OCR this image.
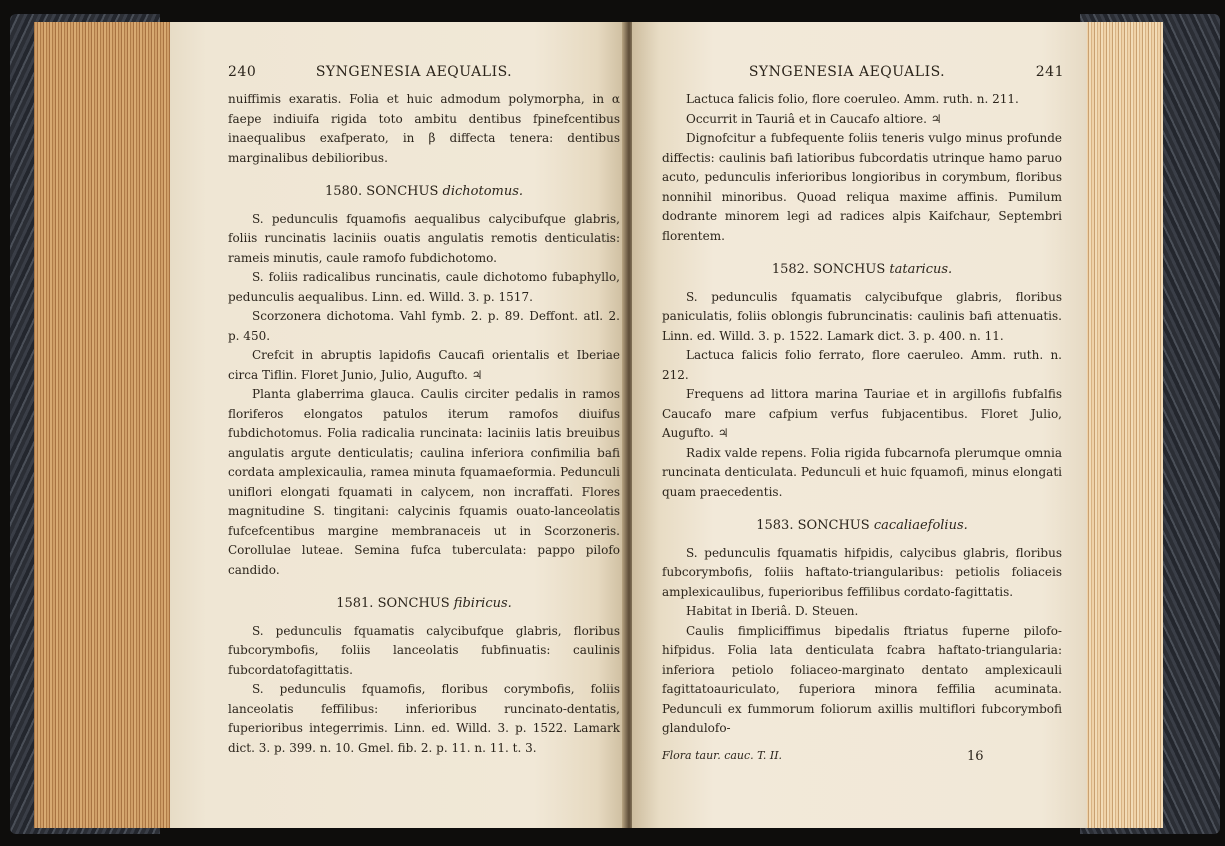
240	SYNGENESIA AEQUALIS.

nuiffimis exaratis. Folia et huic admodum polymorpha, in α faepe indiuifa rigida toto ambitu dentibus fpinefcentibus inaequalibus exafperato, in β diffecta tenera: dentibus marginalibus debilioribus.

1580. SONCHUS dichotomus.

S. pedunculis fquamofis aequalibus calycibufque glabris, foliis runcinatis laciniis ouatis angulatis remotis denticulatis: rameis minutis, caule ramofo fubdichotomo.

S. foliis radicalibus runcinatis, caule dichotomo fubaphyllo, pedunculis aequalibus. Linn. ed. Willd. 3. p. 1517.

Scorzonera dichotoma. Vahl fymb. 2. p. 89. Deffont. atl. 2. p. 450.

Crefcit in abruptis lapidofis Caucafi orientalis et Iberiae circa Tiflin. Floret Junio, Julio, Augufto. ♃

Planta glaberrima glauca. Caulis circiter pedalis in ramos floriferos elongatos patulos iterum ramofos diuifus fubdichotomus. Folia radicalia runcinata: laciniis latis breuibus angulatis argute denticulatis; caulina inferiora confimilia bafi cordata amplexicaulia, ramea minuta fquamaeformia. Pedunculi uniflori elongati fquamati in calycem, non incraffati. Flores magnitudine S. tingitani: calycinis fquamis ouato-lanceolatis fufcefcentibus margine membranaceis ut in Scorzoneris. Corollulae luteae. Semina fufca tuberculata: pappo pilofo candido.

1581. SONCHUS fibiricus.

S. pedunculis fquamatis calycibufque glabris, floribus fubcorymbofis, foliis lanceolatis fubfinuatis: caulinis fubcordatofagittatis.

S. pedunculis fquamofis, floribus corymbofis, foliis lanceolatis feffilibus: inferioribus runcinato-dentatis, fuperioribus integerrimis. Linn. ed. Willd. 3. p. 1522. Lamark dict. 3. p. 399. n. 10. Gmel. fib. 2. p. 11. n. 11. t. 3.

SYNGENESIA AEQUALIS.	241

Lactuca falicis folio, flore coeruleo. Amm. ruth. n. 211.

Occurrit in Tauriâ et in Caucafo altiore. ♃

Dignofcitur a fubfequente foliis teneris vulgo minus profunde diffectis: caulinis bafi latioribus fubcordatis utrinque hamo paruo acuto, pedunculis inferioribus longioribus in corymbum, floribus nonnihil minoribus. Quoad reliqua maxime affinis. Pumilum dodrante minorem legi ad radices alpis Kaifchaur, Septembri florentem.

1582. SONCHUS tataricus.

S. pedunculis fquamatis calycibufque glabris, floribus paniculatis, foliis oblongis fubruncinatis: caulinis bafi attenuatis. Linn. ed. Willd. 3. p. 1522. Lamark dict. 3. p. 400. n. 11.

Lactuca falicis folio ferrato, flore caeruleo. Amm. ruth. n. 212.

Frequens ad littora marina Tauriae et in argillofis fubfalfis Caucafo mare cafpium verfus fubjacentibus. Floret Julio, Augufto. ♃

Radix valde repens. Folia rigida fubcarnofa plerumque omnia runcinata denticulata. Pedunculi et huic fquamofi, minus elongati quam praecedentis.

1583. SONCHUS cacaliaefolius.

S. pedunculis fquamatis hifpidis, calycibus glabris, floribus fubcorymbofis, foliis haftato-triangularibus: petiolis foliaceis amplexicaulibus, fuperioribus feffilibus cordato-fagittatis.

Habitat in Iberiâ. D. Steuen.

Caulis fimpliciffimus bipedalis ftriatus fuperne pilofo-hifpidus. Folia lata denticulata fcabra haftato-triangularia: inferiora petiolo foliaceo-marginato dentato amplexicauli fagittatoauriculato, fuperiora minora feffilia acuminata. Pedunculi ex fummorum foliorum axillis multiflori fubcorymbofi glandulofo-

Flora taur. cauc. T. II.	16
